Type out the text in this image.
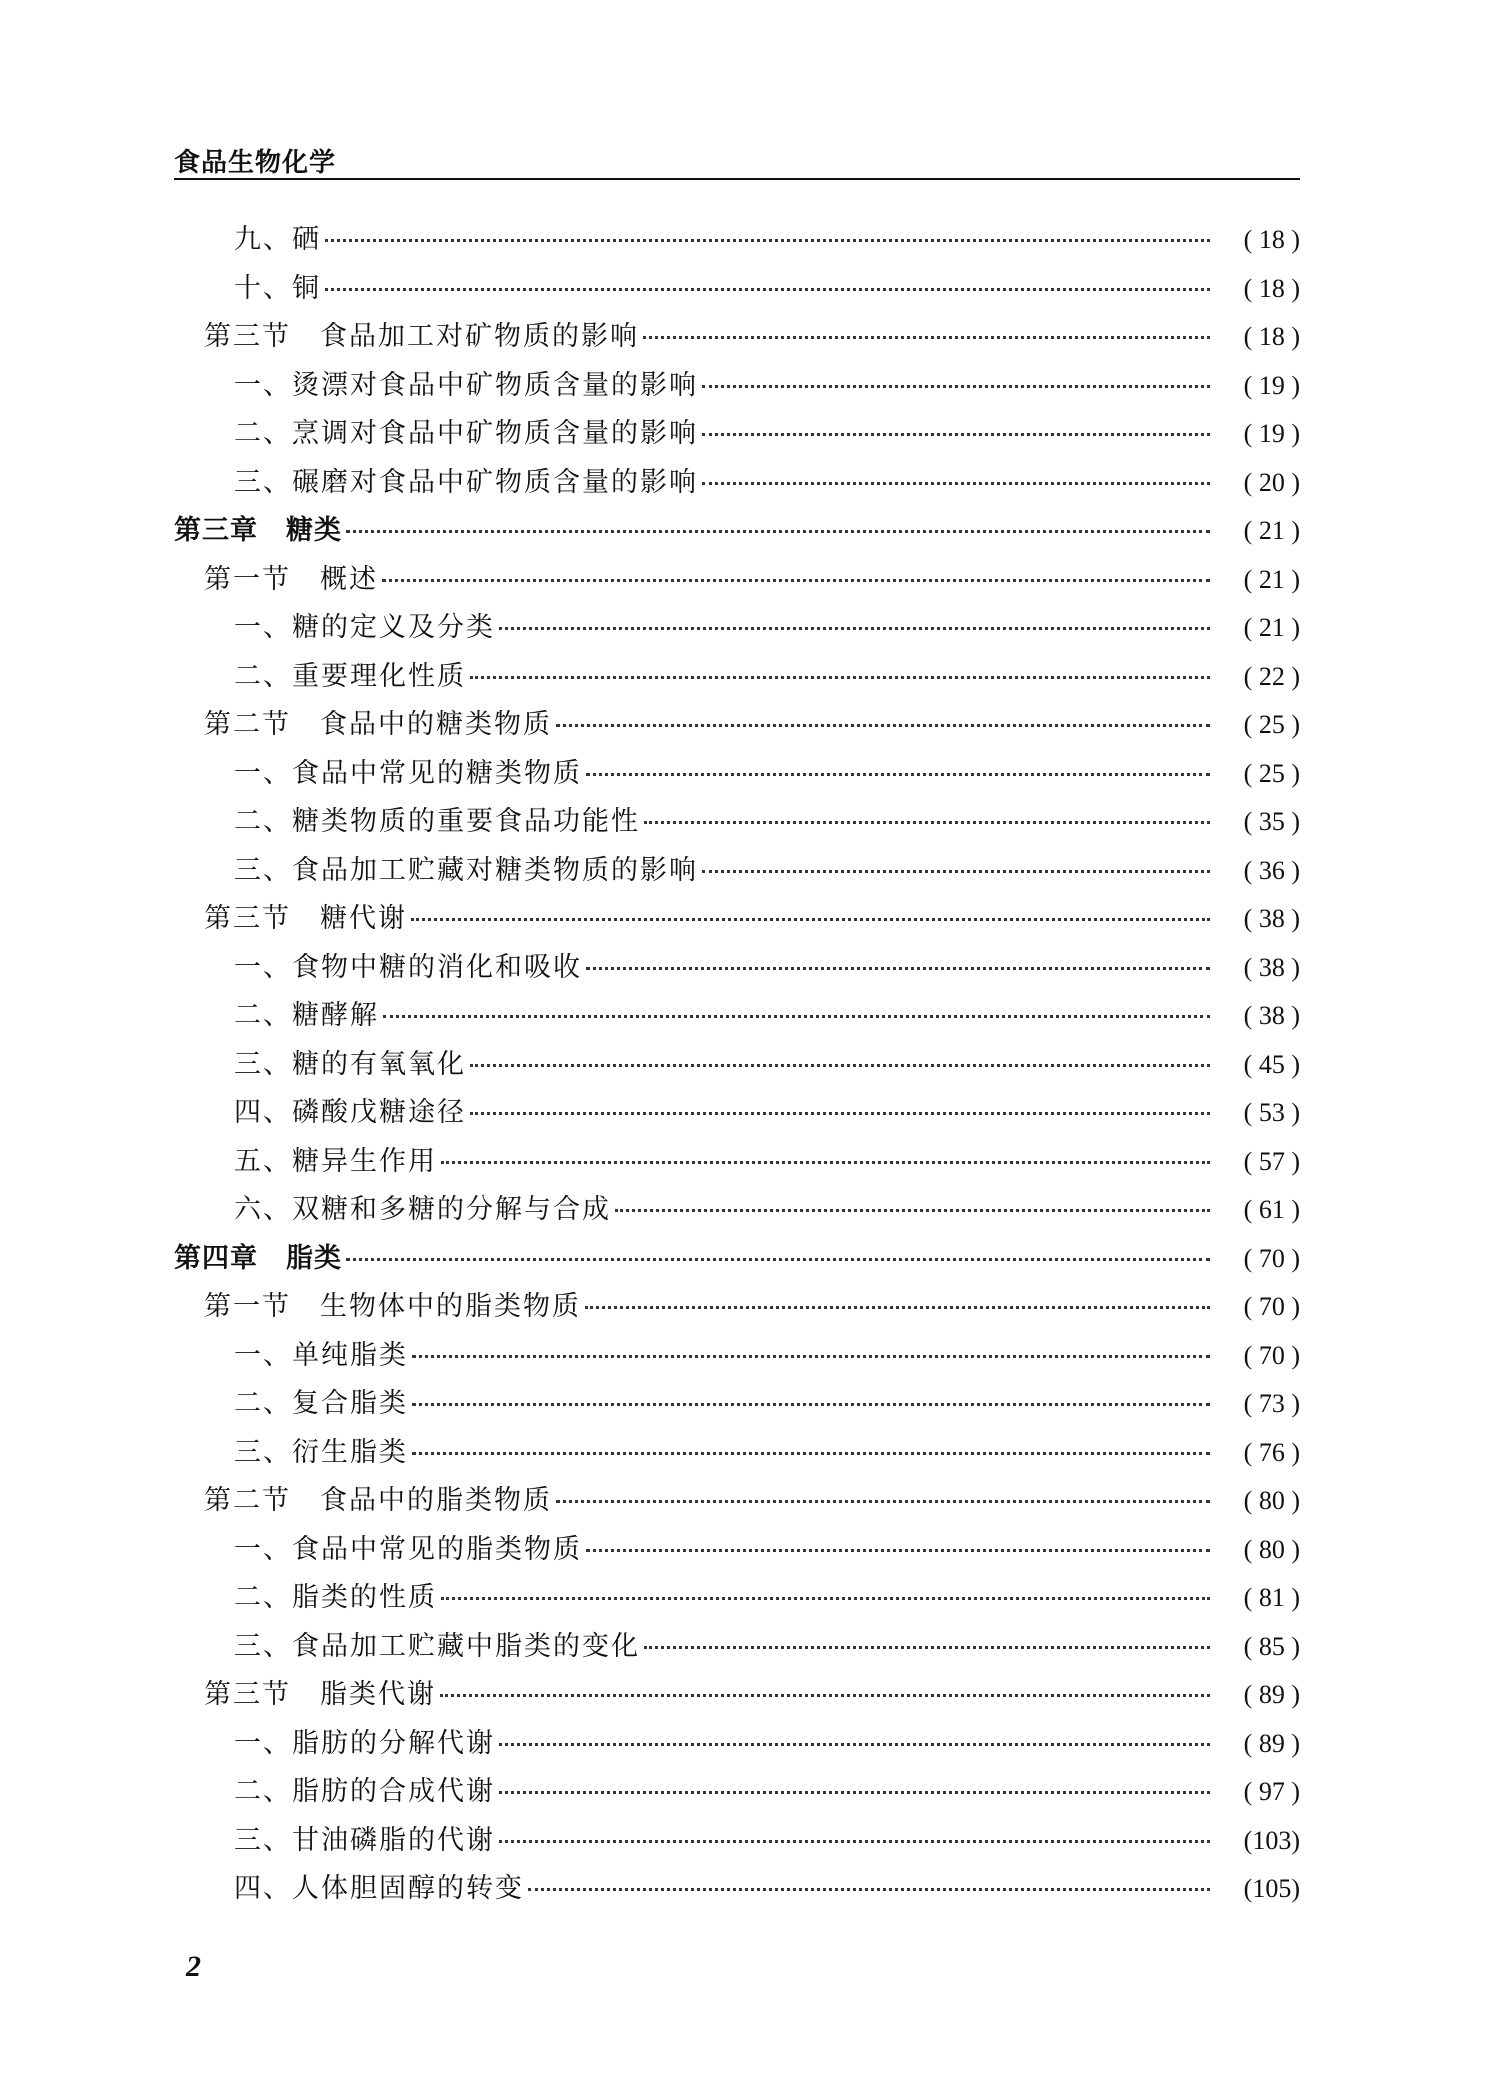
食品生物化学
九、硒	( 18 )
十、铜	( 18 )
第三节　食品加工对矿物质的影响	( 18 )
一、烫漂对食品中矿物质含量的影响	( 19 )
二、烹调对食品中矿物质含量的影响	( 19 )
三、碾磨对食品中矿物质含量的影响	( 20 )
第三章　糖类	( 21 )
第一节　概述	( 21 )
一、糖的定义及分类	( 21 )
二、重要理化性质	( 22 )
第二节　食品中的糖类物质	( 25 )
一、食品中常见的糖类物质	( 25 )
二、糖类物质的重要食品功能性	( 35 )
三、食品加工贮藏对糖类物质的影响	( 36 )
第三节　糖代谢	( 38 )
一、食物中糖的消化和吸收	( 38 )
二、糖酵解	( 38 )
三、糖的有氧氧化	( 45 )
四、磷酸戊糖途径	( 53 )
五、糖异生作用	( 57 )
六、双糖和多糖的分解与合成	( 61 )
第四章　脂类	( 70 )
第一节　生物体中的脂类物质	( 70 )
一、单纯脂类	( 70 )
二、复合脂类	( 73 )
三、衍生脂类	( 76 )
第二节　食品中的脂类物质	( 80 )
一、食品中常见的脂类物质	( 80 )
二、脂类的性质	( 81 )
三、食品加工贮藏中脂类的变化	( 85 )
第三节　脂类代谢	( 89 )
一、脂肪的分解代谢	( 89 )
二、脂肪的合成代谢	( 97 )
三、甘油磷脂的代谢	(103)
四、人体胆固醇的转变	(105)
2
